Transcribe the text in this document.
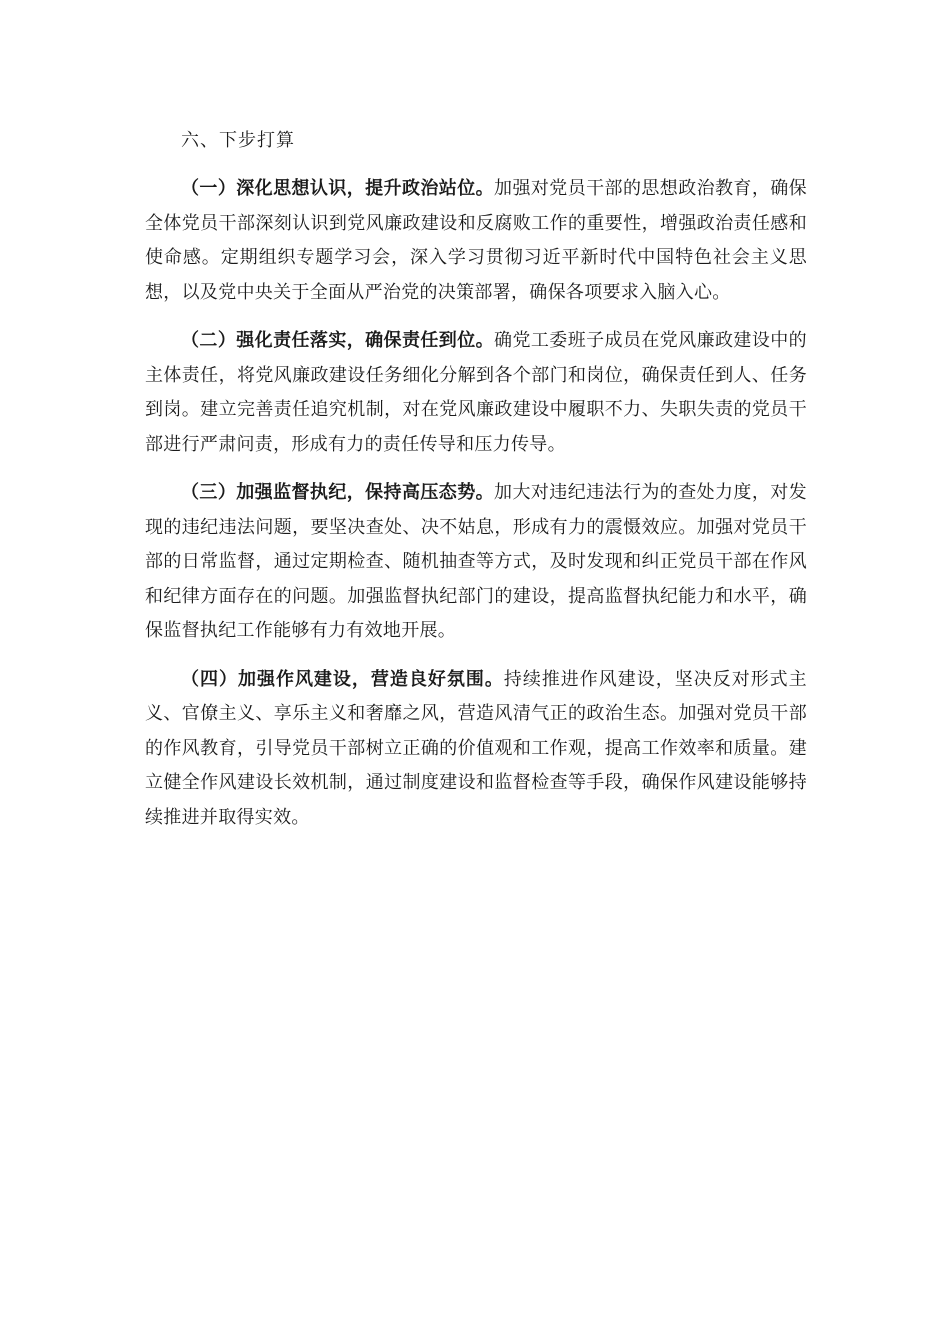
六、下步打算

（一）深化思想认识，提升政治站位。加强对党员干部的思想政治教育，确保全体党员干部深刻认识到党风廉政建设和反腐败工作的重要性，增强政治责任感和使命感。定期组织专题学习会，深入学习贯彻习近平新时代中国特色社会主义思想，以及党中央关于全面从严治党的决策部署，确保各项要求入脑入心。

（二）强化责任落实，确保责任到位。确党工委班子成员在党风廉政建设中的主体责任，将党风廉政建设任务细化分解到各个部门和岗位，确保责任到人、任务到岗。建立完善责任追究机制，对在党风廉政建设中履职不力、失职失责的党员干部进行严肃问责，形成有力的责任传导和压力传导。

（三）加强监督执纪，保持高压态势。加大对违纪违法行为的查处力度，对发现的违纪违法问题，要坚决查处、决不姑息，形成有力的震慑效应。加强对党员干部的日常监督，通过定期检查、随机抽查等方式，及时发现和纠正党员干部在作风和纪律方面存在的问题。加强监督执纪部门的建设，提高监督执纪能力和水平，确保监督执纪工作能够有力有效地开展。

（四）加强作风建设，营造良好氛围。持续推进作风建设，坚决反对形式主义、官僚主义、享乐主义和奢靡之风，营造风清气正的政治生态。加强对党员干部的作风教育，引导党员干部树立正确的价值观和工作观，提高工作效率和质量。建立健全作风建设长效机制，通过制度建设和监督检查等手段，确保作风建设能够持续推进并取得实效。
